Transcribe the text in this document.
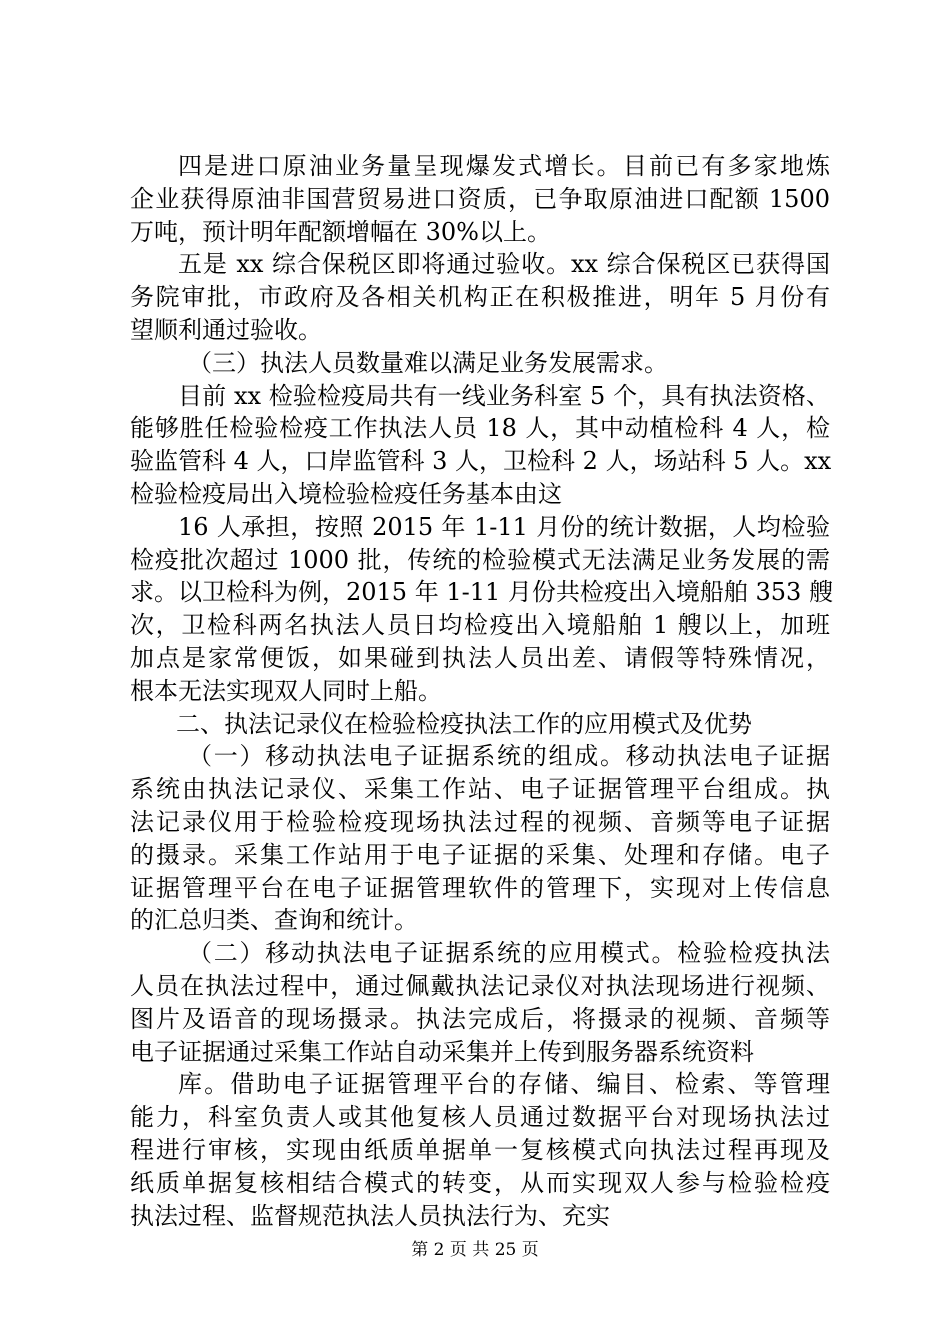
四是进口原油业务量呈现爆发式增长。目前已有多家地炼
企业获得原油非国营贸易进口资质，已争取原油进口配额 1500
万吨，预计明年配额增幅在 30%以上。
五是 xx 综合保税区即将通过验收。xx 综合保税区已获得国
务院审批，市政府及各相关机构正在积极推进，明年 5 月份有
望顺利通过验收。
（三）执法人员数量难以满足业务发展需求。
目前 xx 检验检疫局共有一线业务科室 5 个，具有执法资格、
能够胜任检验检疫工作执法人员 18 人，其中动植检科 4 人，检
验监管科 4 人，口岸监管科 3 人，卫检科 2 人，场站科 5 人。xx
检验检疫局出入境检验检疫任务基本由这
16 人承担，按照 2015 年 1-11 月份的统计数据，人均检验
检疫批次超过 1000 批，传统的检验模式无法满足业务发展的需
求。以卫检科为例，2015 年 1-11 月份共检疫出入境船舶 353 艘
次，卫检科两名执法人员日均检疫出入境船舶 1 艘以上，加班
加点是家常便饭，如果碰到执法人员出差、请假等特殊情况，
根本无法实现双人同时上船。
二、执法记录仪在检验检疫执法工作的应用模式及优势
（一）移动执法电子证据系统的组成。移动执法电子证据
系统由执法记录仪、采集工作站、电子证据管理平台组成。执
法记录仪用于检验检疫现场执法过程的视频、音频等电子证据
的摄录。采集工作站用于电子证据的采集、处理和存储。电子
证据管理平台在电子证据管理软件的管理下，实现对上传信息
的汇总归类、查询和统计。
（二）移动执法电子证据系统的应用模式。检验检疫执法
人员在执法过程中，通过佩戴执法记录仪对执法现场进行视频、
图片及语音的现场摄录。执法完成后，将摄录的视频、音频等
电子证据通过采集工作站自动采集并上传到服务器系统资料
库。借助电子证据管理平台的存储、编目、检索、等管理
能力，科室负责人或其他复核人员通过数据平台对现场执法过
程进行审核，实现由纸质单据单一复核模式向执法过程再现及
纸质单据复核相结合模式的转变，从而实现双人参与检验检疫
执法过程、监督规范执法人员执法行为、充实
第 2 页 共 25 页
